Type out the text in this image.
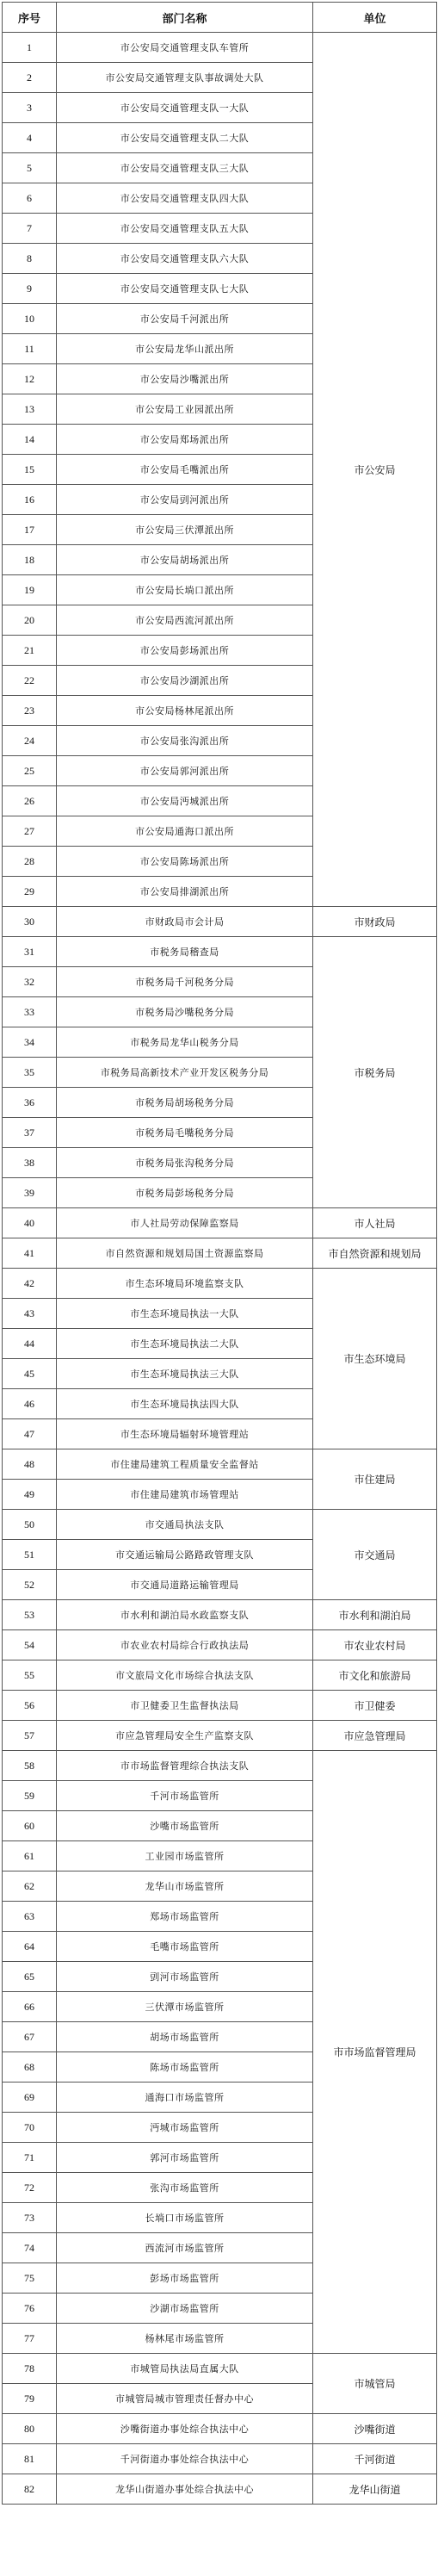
序号	部门名称	单位
1	市公安局交通管理支队车管所	市公安局
2	市公安局交通管理支队事故调处大队	
3	市公安局交通管理支队一大队	
4	市公安局交通管理支队二大队	
5	市公安局交通管理支队三大队	
6	市公安局交通管理支队四大队	
7	市公安局交通管理支队五大队	
8	市公安局交通管理支队六大队	
9	市公安局交通管理支队七大队	
10	市公安局千河派出所	
11	市公安局龙华山派出所	
12	市公安局沙嘴派出所	
13	市公安局工业园派出所	
14	市公安局郑场派出所	
15	市公安局毛嘴派出所	
16	市公安局剅河派出所	
17	市公安局三伏潭派出所	
18	市公安局胡场派出所	
19	市公安局长埫口派出所	
20	市公安局西流河派出所	
21	市公安局彭场派出所	
22	市公安局沙湖派出所	
23	市公安局杨林尾派出所	
24	市公安局张沟派出所	
25	市公安局郭河派出所	
26	市公安局沔城派出所	
27	市公安局通海口派出所	
28	市公安局陈场派出所	
29	市公安局排湖派出所	
30	市财政局市会计局	市财政局
31	市税务局稽查局	市税务局
32	市税务局千河税务分局	
33	市税务局沙嘴税务分局	
34	市税务局龙华山税务分局	
35	市税务局高新技术产业开发区税务分局	
36	市税务局胡场税务分局	
37	市税务局毛嘴税务分局	
38	市税务局张沟税务分局	
39	市税务局彭场税务分局	
40	市人社局劳动保障监察局	市人社局
41	市自然资源和规划局国土资源监察局	市自然资源和规划局
42	市生态环境局环境监察支队	市生态环境局
43	市生态环境局执法一大队	
44	市生态环境局执法二大队	
45	市生态环境局执法三大队	
46	市生态环境局执法四大队	
47	市生态环境局辐射环境管理站	
48	市住建局建筑工程质量安全监督站	市住建局
49	市住建局建筑市场管理站	
50	市交通局执法支队	市交通局
51	市交通运输局公路路政管理支队	
52	市交通局道路运输管理局	
53	市水利和湖泊局水政监察支队	市水利和湖泊局
54	市农业农村局综合行政执法局	市农业农村局
55	市文旅局文化市场综合执法支队	市文化和旅游局
56	市卫健委卫生监督执法局	市卫健委
57	市应急管理局安全生产监察支队	市应急管理局
58	市市场监督管理综合执法支队	市市场监督管理局
59	千河市场监管所	
60	沙嘴市场监管所	
61	工业园市场监管所	
62	龙华山市场监管所	
63	郑场市场监管所	
64	毛嘴市场监管所	
65	剅河市场监管所	
66	三伏潭市场监管所	
67	胡场市场监管所	
68	陈场市场监管所	
69	通海口市场监管所	
70	沔城市场监管所	
71	郭河市场监管所	
72	张沟市场监管所	
73	长埫口市场监管所	
74	西流河市场监管所	
75	彭场市场监管所	
76	沙湖市场监管所	
77	杨林尾市场监管所	
78	市城管局执法局直属大队	市城管局
79	市城管局城市管理责任督办中心	
80	沙嘴街道办事处综合执法中心	沙嘴街道
81	千河街道办事处综合执法中心	千河街道
82	龙华山街道办事处综合执法中心	龙华山街道
